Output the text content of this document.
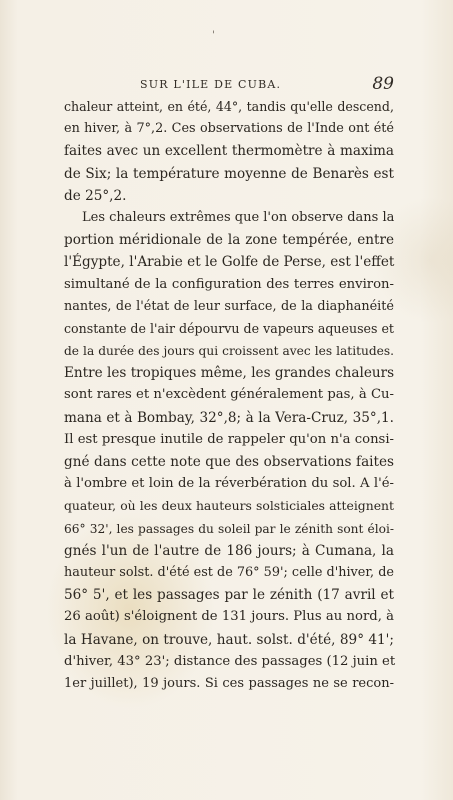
'
SUR L'ILE DE CUBA.	89
chaleur atteint, en été, 44°, tandis qu'elle descend,
en hiver, à 7°,2. Ces observations de l'Inde ont été
faites avec un excellent thermomètre à maxima
de Six; la température moyenne de Benarès est
de 25°,2.
Les chaleurs extrêmes que l'on observe dans la
portion méridionale de la zone tempérée, entre
l'Égypte, l'Arabie et le Golfe de Perse, est l'effet
simultané de la configuration des terres environ-
nantes, de l'état de leur surface, de la diaphanéité
constante de l'air dépourvu de vapeurs aqueuses et
de la durée des jours qui croissent avec les latitudes.
Entre les tropiques même, les grandes chaleurs
sont rares et n'excèdent généralement pas, à Cu-
mana et à Bombay, 32°,8; à la Vera-Cruz, 35°,1.
Il est presque inutile de rappeler qu'on n'a consi-
gné dans cette note que des observations faites
à l'ombre et loin de la réverbération du sol. A l'é-
quateur, où les deux hauteurs solsticiales atteignent
66° 32', les passages du soleil par le zénith sont éloi-
gnés l'un de l'autre de 186 jours; à Cumana, la
hauteur solst. d'été est de 76° 59'; celle d'hiver, de
56° 5', et les passages par le zénith (17 avril et
26 août) s'éloignent de 131 jours. Plus au nord, à
la Havane, on trouve, haut. solst. d'été, 89° 41';
d'hiver, 43° 23'; distance des passages (12 juin et
1er juillet), 19 jours. Si ces passages ne se recon-
